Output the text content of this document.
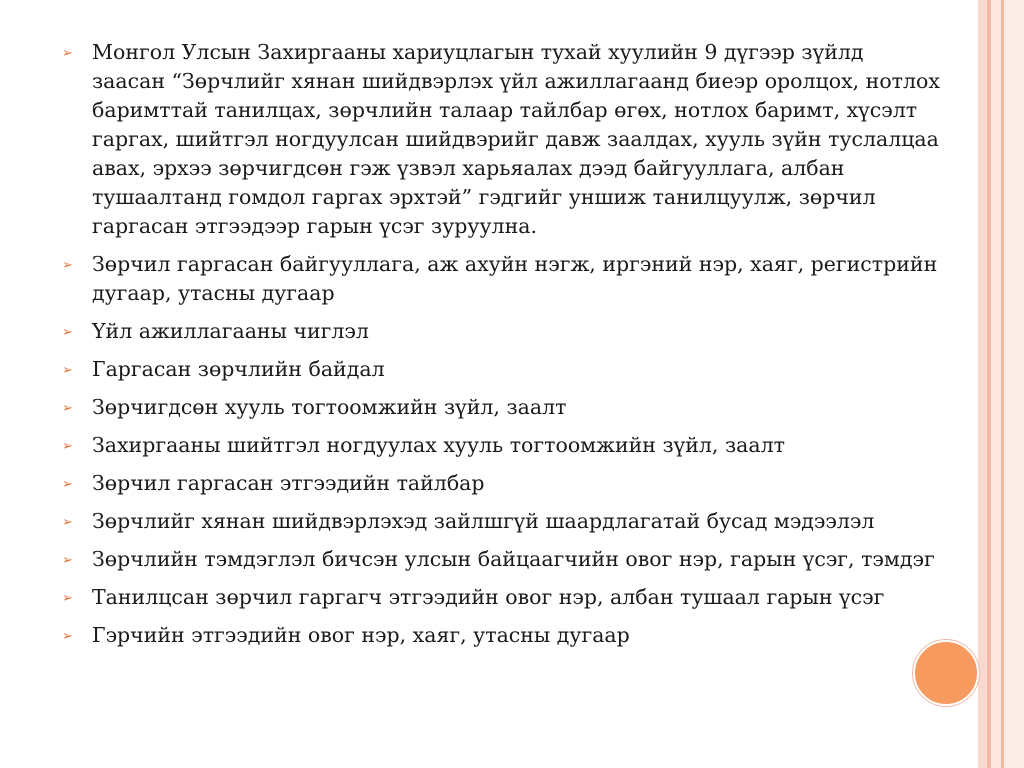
➢ Монгол Улсын Захиргааны хариуцлагын тухай хуулийн 9 дүгээр зүйлд заасан “Зөрчлийг хянан шийдвэрлэх үйл ажиллагаанд биеэр оролцох, нотлох баримттай танилцах, зөрчлийн талаар тайлбар өгөх, нотлох баримт, хүсэлт гаргах, шийтгэл ногдуулсан шийдвэрийг давж заалдах, хууль зүйн туслалцаа авах, эрхээ зөрчигдсөн гэж үзвэл харьяалах дээд байгууллага, албан тушаалтанд гомдол гаргах эрхтэй” гэдгийг уншиж танилцуулж, зөрчил гаргасан этгээдээр гарын үсэг зуруулна.
➢ Зөрчил гаргасан байгууллага, аж ахуйн нэгж, иргэний нэр, хаяг, регистрийн дугаар, утасны дугаар
➢ Үйл ажиллагааны чиглэл
➢ Гаргасан зөрчлийн байдал
➢ Зөрчигдсөн хууль тогтоомжийн зүйл, заалт
➢ Захиргааны шийтгэл ногдуулах хууль тогтоомжийн зүйл, заалт
➢ Зөрчил гаргасан этгээдийн тайлбар
➢ Зөрчлийг хянан шийдвэрлэхэд зайлшгүй шаардлагатай бусад мэдээлэл
➢ Зөрчлийн тэмдэглэл бичсэн улсын байцаагчийн овог нэр, гарын үсэг, тэмдэг
➢ Танилцсан зөрчил гаргагч этгээдийн овог нэр, албан тушаал гарын үсэг
➢ Гэрчийн этгээдийн овог нэр, хаяг, утасны дугаар
